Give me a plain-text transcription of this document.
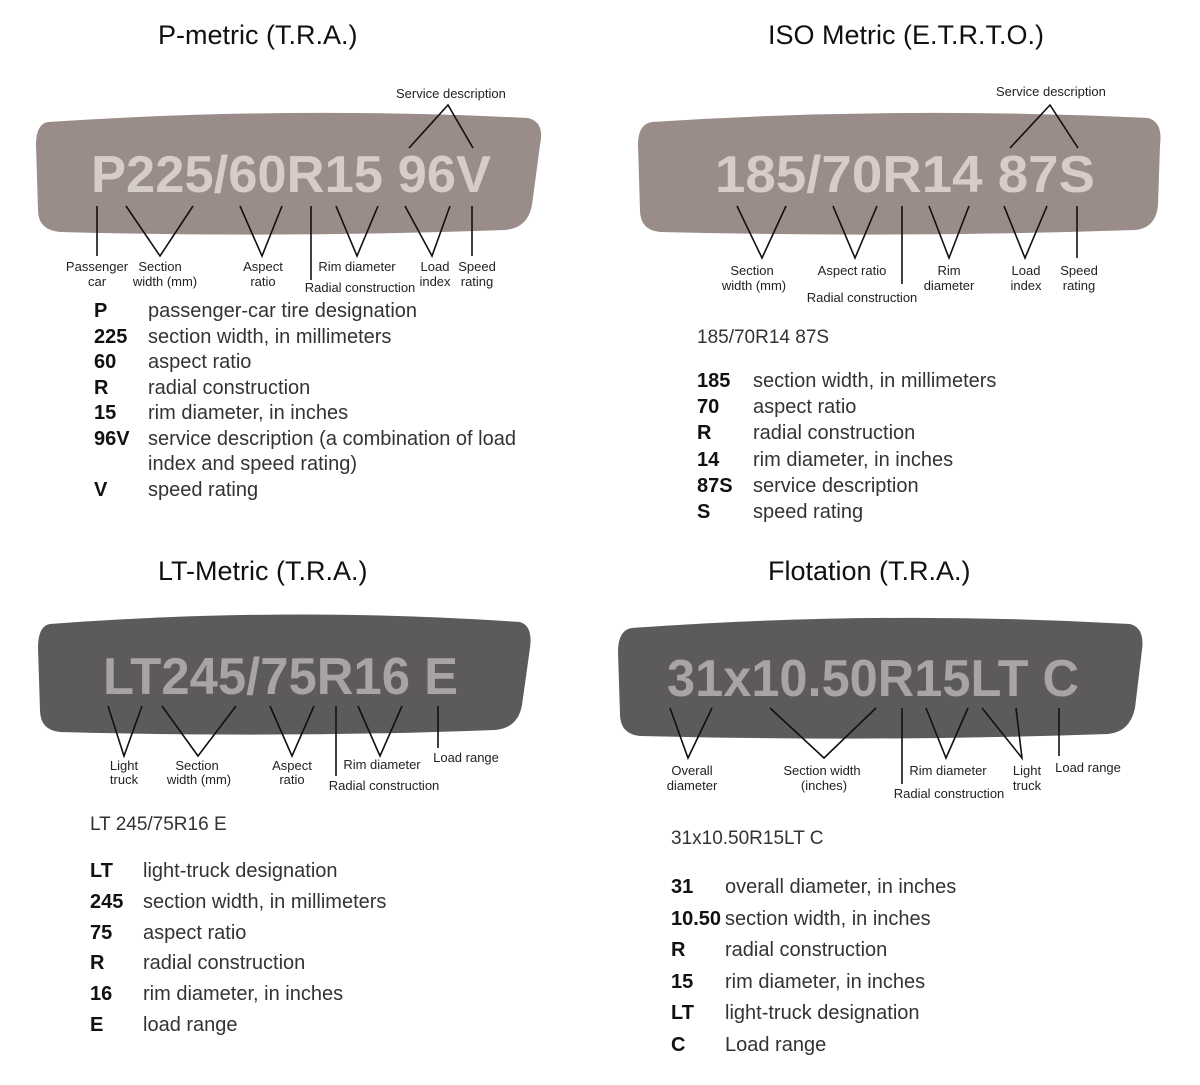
P-metric (T.R.A.)
P225/60R15 96V
Service description
Passenger
car
Section
width (mm)
Aspect
ratio
Rim diameter
Radial construction
Load
index
Speed
rating
185/70R14 87S
Service description
Section
width (mm)
Aspect ratio
Radial construction
Rim
diameter
Load
index
Speed
rating
LT245/75R16 E
Light
truck
Section
width (mm)
Aspect
ratio
Rim diameter
Radial construction
Load range
31x10.50R15LT C
Overall
diameter
Section width
(inches)
Rim diameter
Radial construction
Light
truck
Load range
P	passenger-car tire designation
225	section width, in millimeters
60	aspect ratio
R	radial construction
15	rim diameter, in inches
96V service description (a combination of load index and speed rating)
V	speed rating
ISO Metric (E.T.R.T.O.)
185/70R14 87S
185	section width, in millimeters
70	aspect ratio
R	radial construction
14	rim diameter, in inches
87S	service description
S	speed rating
LT-Metric (T.R.A.)
LT 245/75R16 E
LT	light-truck designation
245 section width, in millimeters
75	aspect ratio
R	radial construction
16	rim diameter, in inches
E	load range
Flotation (T.R.A.)
31x10.50R15LT C
31	overall diameter, in inches
10.50 section width, in inches
R	radial construction
15	rim diameter, in inches
LT	light-truck designation
C	Load range
